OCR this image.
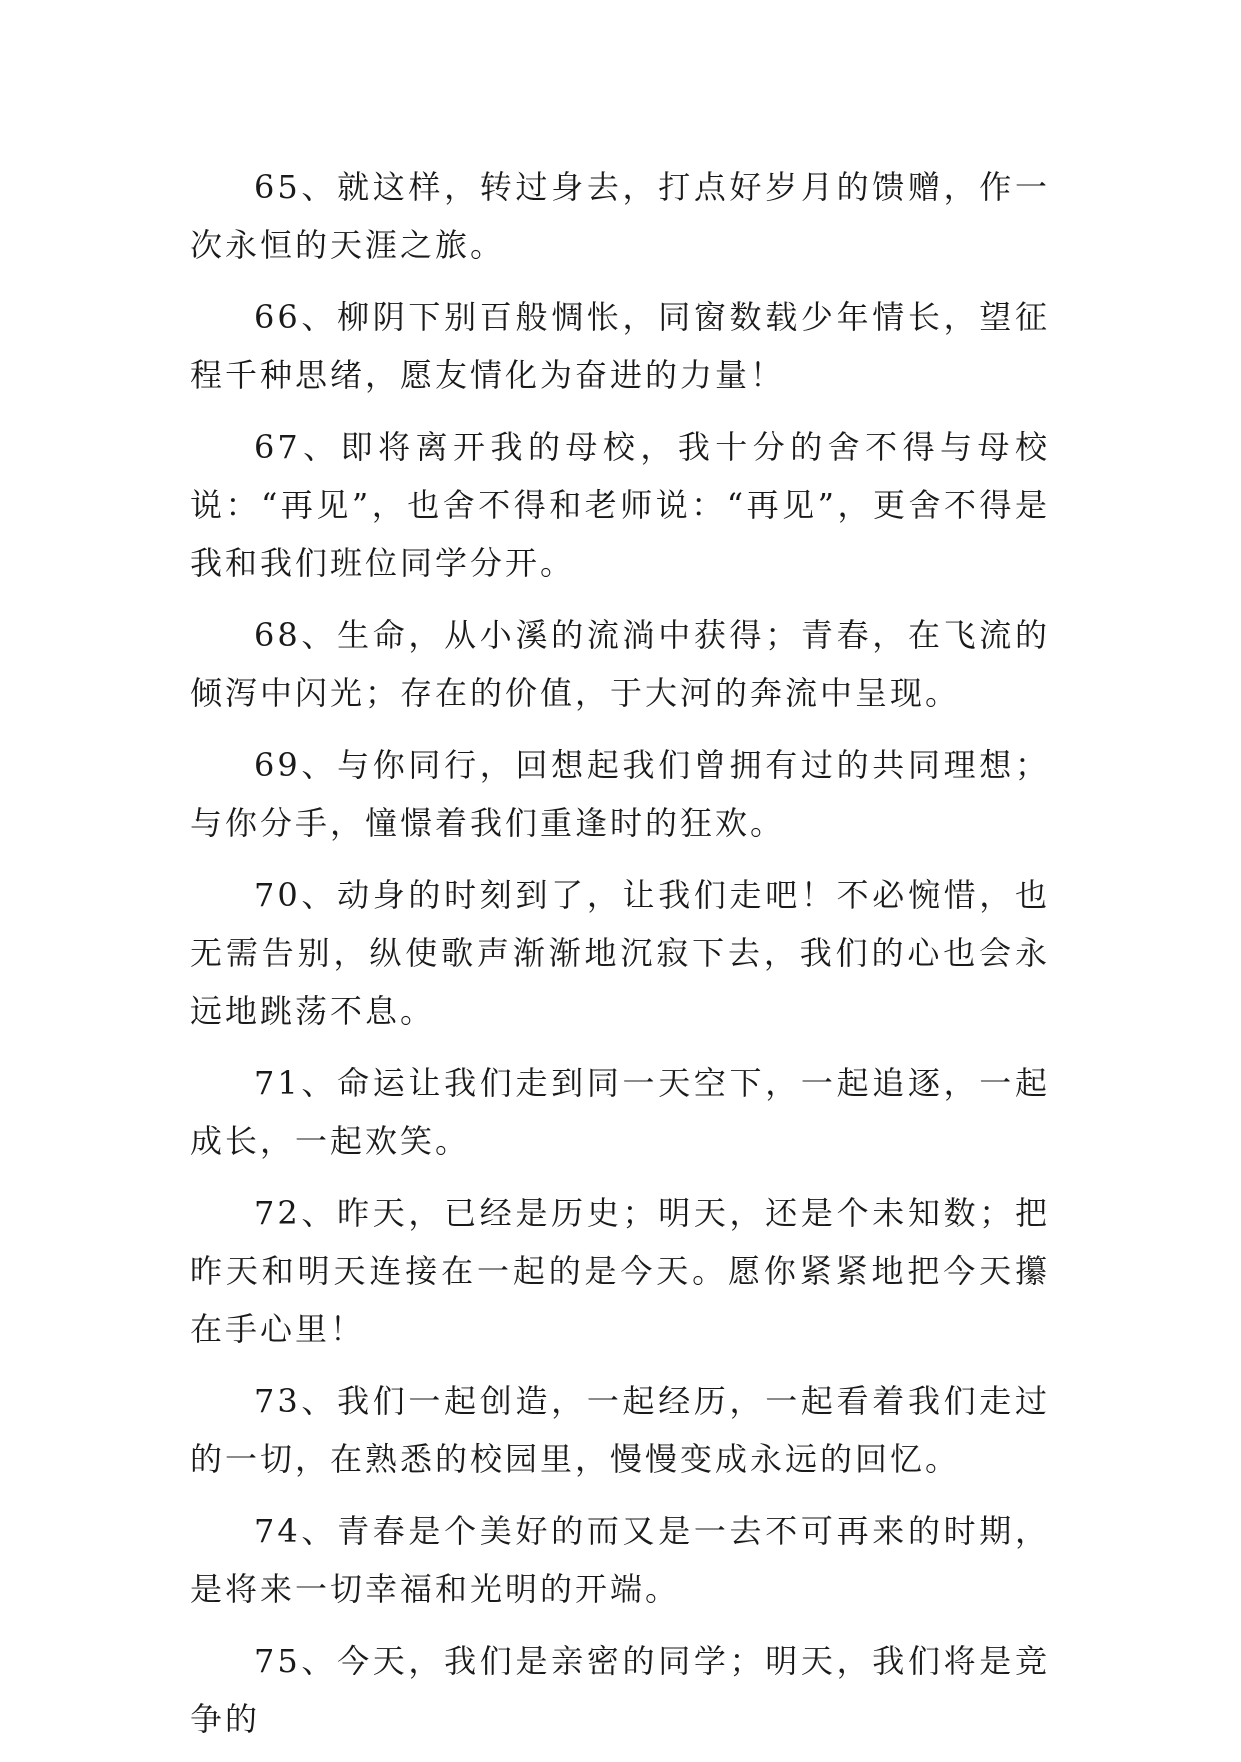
65、就这样，转过身去，打点好岁月的馈赠，作一次永恒的天涯之旅。

66、柳阴下别百般惆怅，同窗数载少年情长，望征程千种思绪，愿友情化为奋进的力量！

67、即将离开我的母校，我十分的舍不得与母校说：“再见”，也舍不得和老师说：“再见”，更舍不得是我和我们班位同学分开。

68、生命，从小溪的流淌中获得；青春，在飞流的倾泻中闪光；存在的价值，于大河的奔流中呈现。

69、与你同行，回想起我们曾拥有过的共同理想；与你分手，憧憬着我们重逢时的狂欢。

70、动身的时刻到了，让我们走吧！不必惋惜，也无需告别，纵使歌声渐渐地沉寂下去，我们的心也会永远地跳荡不息。

71、命运让我们走到同一天空下，一起追逐，一起成长，一起欢笑。

72、昨天，已经是历史；明天，还是个未知数；把昨天和明天连接在一起的是今天。愿你紧紧地把今天攥在手心里！

73、我们一起创造，一起经历，一起看着我们走过的一切，在熟悉的校园里，慢慢变成永远的回忆。

74、青春是个美好的而又是一去不可再来的时期，是将来一切幸福和光明的开端。

75、今天，我们是亲密的同学；明天，我们将是竞争的
